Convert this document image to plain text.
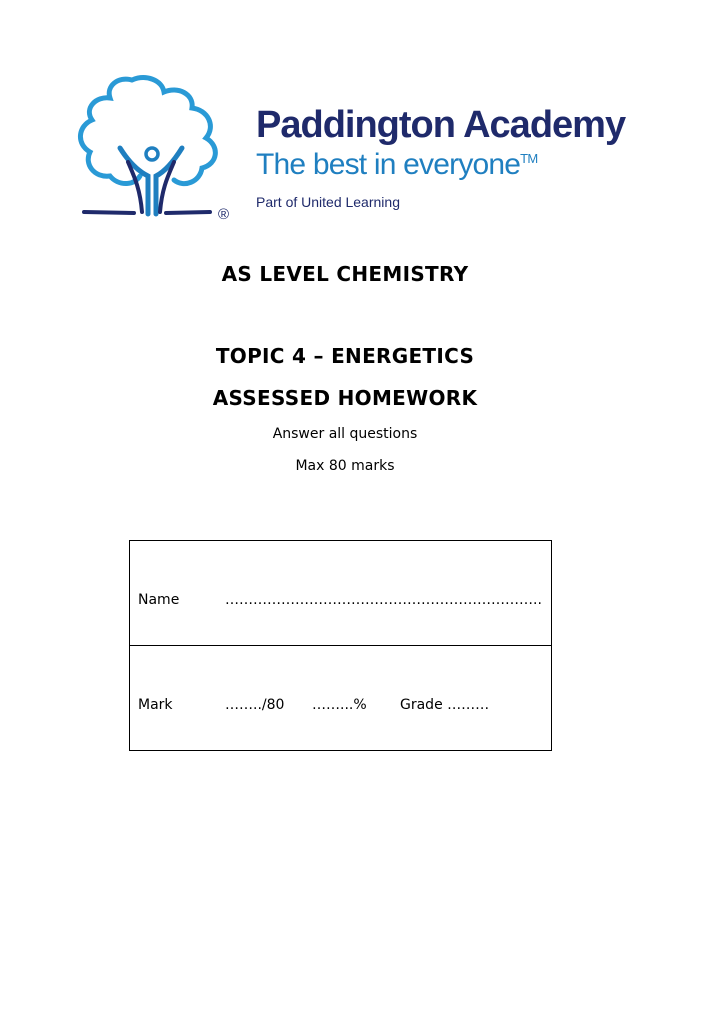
Paddington Academy
The best in everyone™
Part of United Learning
®
AS LEVEL CHEMISTRY
TOPIC 4 – ENERGETICS
ASSESSED HOMEWORK
Answer all questions
Max 80 marks
Name	…………………………………………………………..
Mark	……../80 ……...% Grade ………
